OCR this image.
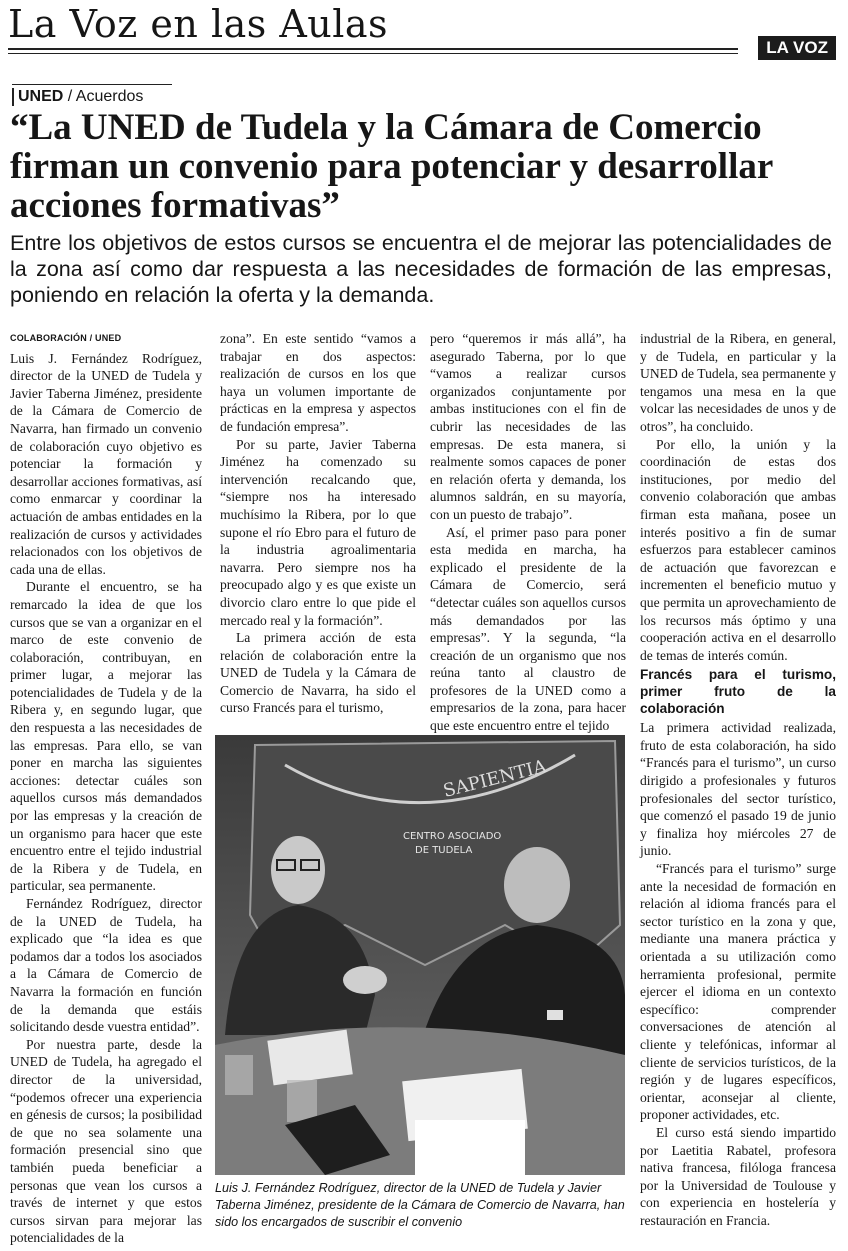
La Voz en las Aulas
LA VOZ
UNED / Acuerdos
“La UNED de Tudela y la Cámara de Comercio firman un convenio para potenciar y desarrollar acciones formativas”
Entre los objetivos de estos cursos se encuentra el de mejorar las potencialidades de la zona así como dar respuesta a las necesidades de formación de las empresas, poniendo en relación la oferta y la demanda.
COLABORACIÓN / UNED

Luis J. Fernández Rodríguez, director de la UNED de Tudela y Javier Taberna Jiménez, presidente de la Cámara de Comercio de Navarra, han firmado un convenio de colaboración cuyo objetivo es potenciar la formación y desarrollar acciones formativas, así como enmarcar y coordinar la actuación de ambas entidades en la realización de cursos y actividades relacionados con los objetivos de cada una de ellas.

Durante el encuentro, se ha remarcado la idea de que los cursos que se van a organizar en el marco de este convenio de colaboración, contribuyan, en primer lugar, a mejorar las potencialidades de Tudela y de la Ribera y, en segundo lugar, que den respuesta a las necesidades de las empresas. Para ello, se van poner en marcha las siguientes acciones: detectar cuáles son aquellos cursos más demandados por las empresas y la creación de un organismo para hacer que este encuentro entre el tejido industrial de la Ribera y de Tudela, en particular, sea permanente.

Fernández Rodríguez, director de la UNED de Tudela, ha explicado que “la idea es que podamos dar a todos los asociados a la Cámara de Comercio de Navarra la formación en función de la demanda que estáis solicitando desde vuestra entidad”.

Por nuestra parte, desde la UNED de Tudela, ha agregado el director de la universidad, “podemos ofrecer una experiencia en génesis de cursos; la posibilidad de que no sea solamente una formación presencial sino que también pueda beneficiar a personas que vean los cursos a través de internet y que estos cursos sirvan para mejorar las potencialidades de la

zona”. En este sentido “vamos a trabajar en dos aspectos: realización de cursos en los que haya un volumen importante de prácticas en la empresa y aspectos de fundación empresa”.

Por su parte, Javier Taberna Jiménez ha comenzado su intervención recalcando que, “siempre nos ha interesado muchísimo la Ribera, por lo que supone el río Ebro para el futuro de la industria agroalimentaria navarra. Pero siempre nos ha preocupado algo y es que existe un divorcio claro entre lo que pide el mercado real y la formación”.

La primera acción de esta relación de colaboración entre la UNED de Tudela y la Cámara de Comercio de Navarra, ha sido el curso Francés para el turismo,

pero “queremos ir más allá”, ha asegurado Taberna, por lo que “vamos a realizar cursos organizados conjuntamente por ambas instituciones con el fin de cubrir las necesidades de las empresas. De esta manera, si realmente somos capaces de poner en relación oferta y demanda, los alumnos saldrán, en su mayoría, con un puesto de trabajo”.

Así, el primer paso para poner esta medida en marcha, ha explicado el presidente de la Cámara de Comercio, será “detectar cuáles son aquellos cursos más demandados por las empresas”. Y la segunda, “la creación de un organismo que nos reúna tanto al claustro de profesores de la UNED como a empresarios de la zona, para hacer que este encuentro entre el tejido

industrial de la Ribera, en general, y de Tudela, en particular y la UNED de Tudela, sea permanente y tengamos una mesa en la que volcar las necesidades de unos y de otros”, ha concluido.

Por ello, la unión y la coordinación de estas dos instituciones, por medio del convenio colaboración que ambas firman esta mañana, posee un interés positivo a fin de sumar esfuerzos para establecer caminos de actuación que favorezcan e incrementen el beneficio mutuo y que permita un aprovechamiento de los recursos más óptimo y una cooperación activa en el desarrollo de temas de interés común.

Francés para el turismo, primer fruto de la colaboración

La primera actividad realizada, fruto de esta colaboración, ha sido “Francés para el turismo”, un curso dirigido a profesionales y futuros profesionales del sector turístico, que comenzó el pasado 19 de junio y finaliza hoy miércoles 27 de junio.

“Francés para el turismo” surge ante la necesidad de formación en relación al idioma francés para el sector turístico en la zona y que, mediante una manera práctica y orientada a su utilización como herramienta profesional, permite ejercer el idioma en un contexto específico: comprender conversaciones de atención al cliente y telefónicas, informar al cliente de servicios turísticos, de la región y de lugares específicos, orientar, aconsejar al cliente, proponer actividades, etc.

El curso está siendo impartido por Laetitia Rabatel, profesora nativa francesa, filóloga francesa por la Universidad de Toulouse y con experiencia en hostelería y restauración en Francia.

SAPIENTIA
CENTRO ASOCIADO
DE TUDELA
Luis J. Fernández Rodríguez, director de la UNED de Tudela y Javier Taberna Jiménez, presidente de la Cámara de Comercio de Navarra, han sido los encargados de suscribir el convenio
